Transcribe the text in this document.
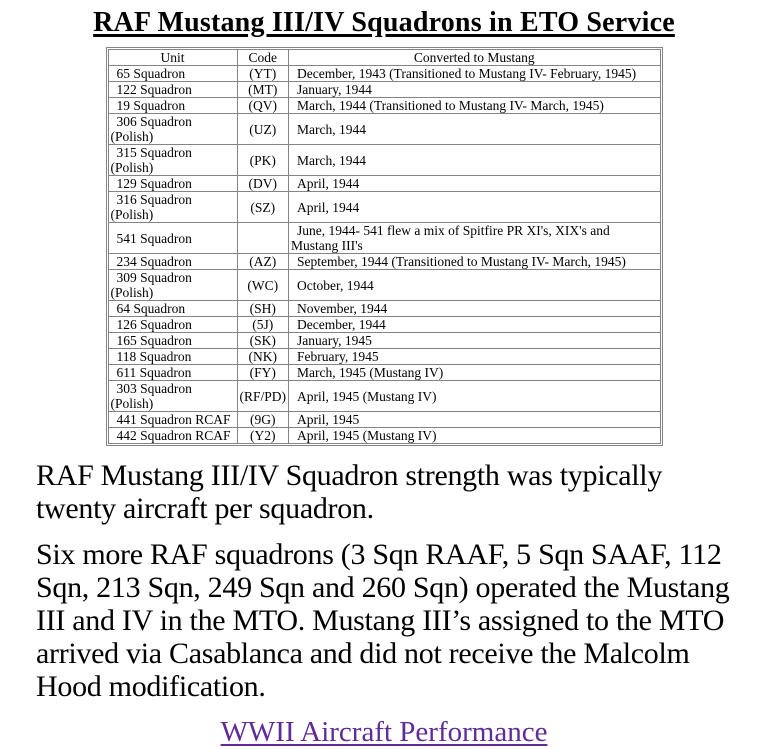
RAF Mustang III/IV Squadrons in ETO Service
Unit	Code	Converted to Mustang
65 Squadron	(YT)	December, 1943 (Transitioned to Mustang IV- February, 1945)
122 Squadron	(MT)	January, 1944
19 Squadron	(QV)	March, 1944 (Transitioned to Mustang IV- March, 1945)
306 Squadron (Polish)	(UZ)	March, 1944
315 Squadron (Polish)	(PK)	March, 1944
129 Squadron	(DV)	April, 1944
316 Squadron (Polish)	(SZ)	April, 1944
541 Squadron		June, 1944- 541 flew a mix of Spitfire PR XI's, XIX's and Mustang III's
234 Squadron	(AZ)	September, 1944 (Transitioned to Mustang IV- March, 1945)
309 Squadron (Polish)	(WC)	October, 1944
64 Squadron	(SH)	November, 1944
126 Squadron	(5J)	December, 1944
165 Squadron	(SK)	January, 1945
118 Squadron	(NK)	February, 1945
611 Squadron	(FY)	March, 1945 (Mustang IV)
303 Squadron (Polish)	(RF/PD)	April, 1945 (Mustang IV)
441 Squadron RCAF	(9G)	April, 1945
442 Squadron RCAF	(Y2)	April, 1945 (Mustang IV)

RAF Mustang III/IV Squadron strength was typically twenty aircraft per squadron.

Six more RAF squadrons (3 Sqn RAAF, 5 Sqn SAAF, 112 Sqn, 213 Sqn, 249 Sqn and 260 Sqn) operated the Mustang III and IV in the MTO. Mustang III’s assigned to the MTO arrived via Casablanca and did not receive the Malcolm Hood modification.

WWII Aircraft Performance
